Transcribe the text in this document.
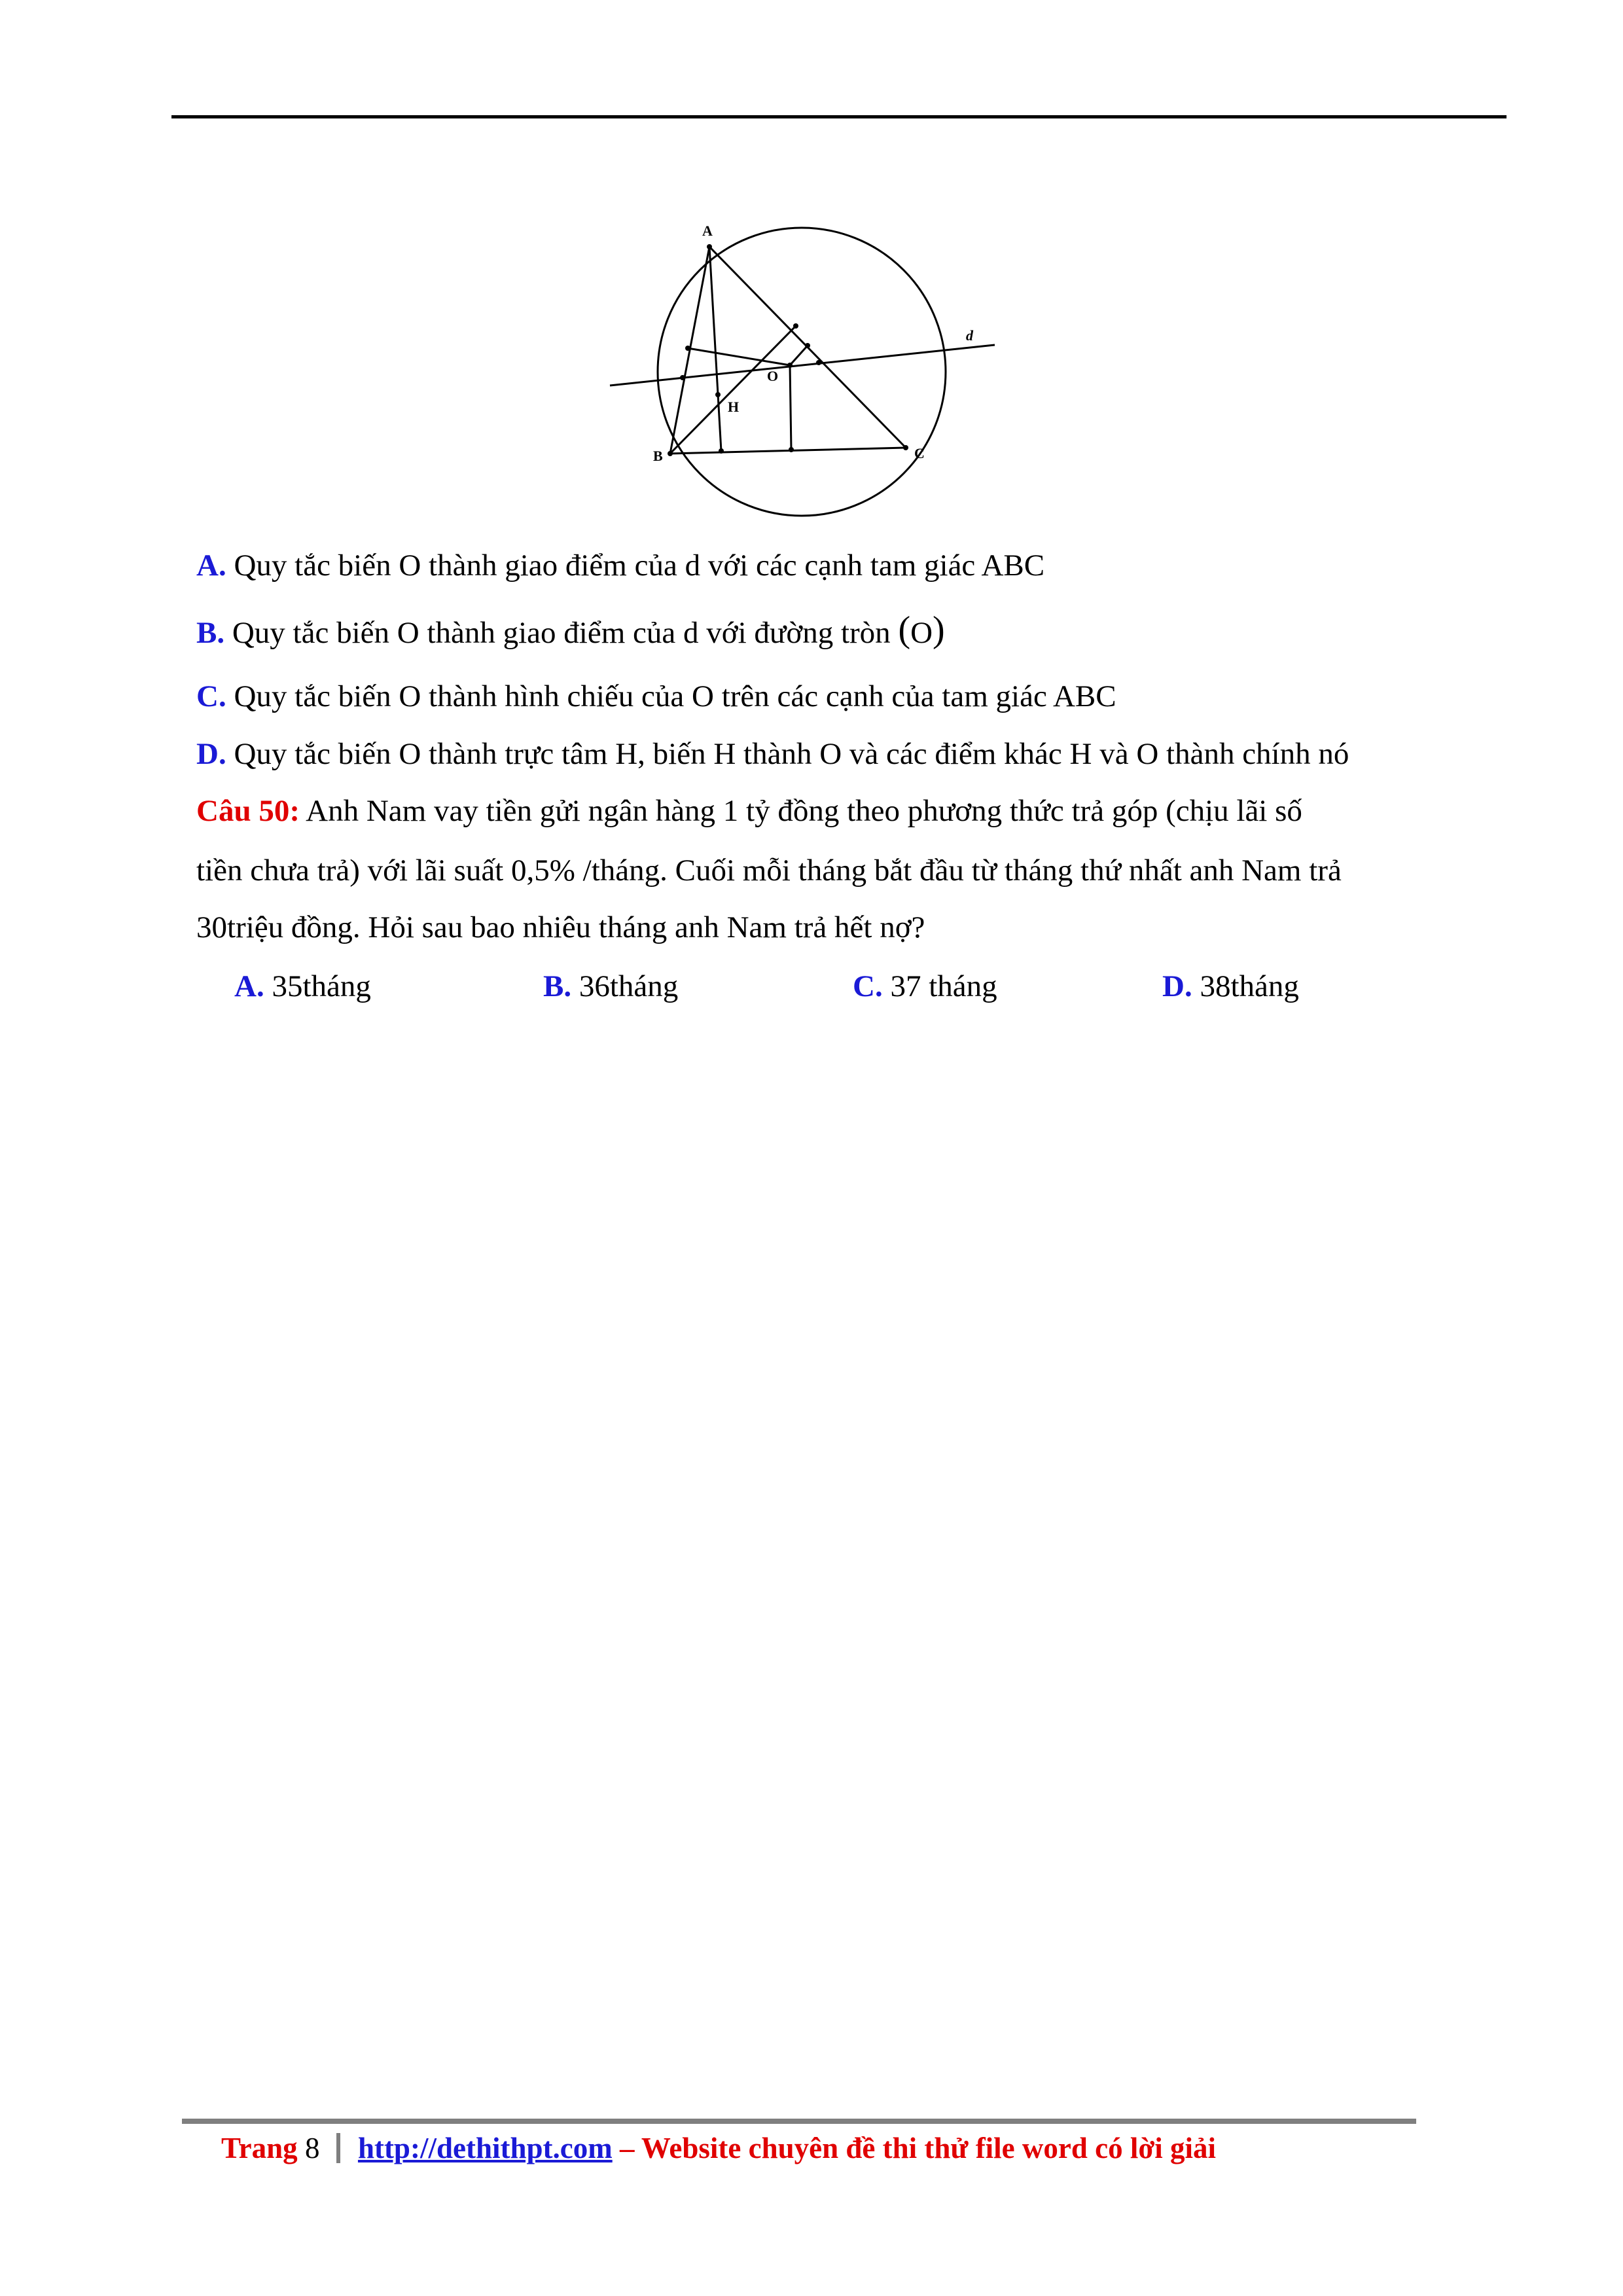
A
B	C
H
O
d
A. Quy tắc biến O thành giao điểm của d với các cạnh tam giác ABC
B. Quy tắc biến O thành giao điểm của d với đường tròn (O)
C. Quy tắc biến O thành hình chiếu của O trên các cạnh của tam giác ABC
D. Quy tắc biến O thành trực tâm H, biến H thành O và các điểm khác H và O thành chính nó
Câu 50: Anh Nam vay tiền gửi ngân hàng 1 tỷ đồng theo phương thức trả góp (chịu lãi số
tiền chưa trả) với lãi suất 0,5% /tháng. Cuối mỗi tháng bắt đầu từ tháng thứ nhất anh Nam trả
30triệu đồng. Hỏi sau bao nhiêu tháng anh Nam trả hết nợ?
A. 35tháng	B. 36tháng	C. 37 tháng	D. 38tháng
Trang 8 http://dethithpt.com – Website chuyên đề thi thử file word có lời giải
